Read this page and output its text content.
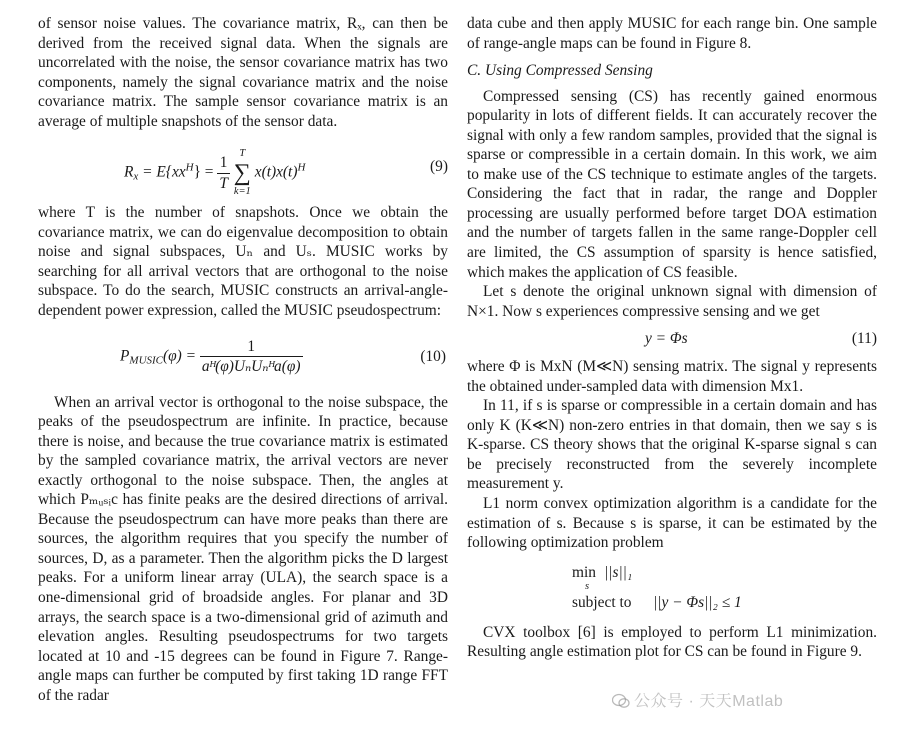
of sensor noise values. The covariance matrix, Rₓ, can then be derived from the received signal data. When the signals are uncorrelated with the noise, the sensor covariance matrix has two components, namely the signal covariance matrix and the noise covariance matrix. The sample sensor covariance matrix is an average of multiple snapshots of the sensor data.

$R_x = E\{xx^H\} = \frac{1}{T}$
T
∑
k=1
$x(t)x(t)^H$	(9)

where T is the number of snapshots. Once we obtain the covariance matrix, we can do eigenvalue decomposition to obtain noise and signal subspaces, Uₙ and Uₛ. MUSIC works by searching for all arrival vectors that are orthogonal to the noise subspace. To do the search, MUSIC constructs an arrival-angle-dependent power expression, called the MUSIC pseudospectrum:

$P_{MUSIC}(\varphi) = \frac{1}{\text{aᴴ(φ)UₙUₙᴴa(φ)}}$	(10)

When an arrival vector is orthogonal to the noise subspace, the peaks of the pseudospectrum are infinite. In practice, because there is noise, and because the true covariance matrix is estimated by the sampled covariance matrix, the arrival vectors are never exactly orthogonal to the noise subspace. Then, the angles at which Pₘᵤₛᵢc has finite peaks are the desired directions of arrival. Because the pseudospectrum can have more peaks than there are sources, the algorithm requires that you specify the number of sources, D, as a parameter. Then the algorithm picks the D largest peaks. For a uniform linear array (ULA), the search space is a one-dimensional grid of broadside angles. For planar and 3D arrays, the search space is a two-dimensional grid of azimuth and elevation angles. Resulting pseudospectrums for two targets located at 10 and -15 degrees can be found in Figure 7. Range-angle maps can further be computed by first taking 1D range FFT of the radar

data cube and then apply MUSIC for each range bin. One sample of range-angle maps can be found in Figure 8.

C. Using Compressed Sensing

Compressed sensing (CS) has recently gained enormous popularity in lots of different fields. It can accurately recover the signal with only a few random samples, provided that the signal is sparse or compressible in a certain domain. In this work, we aim to make use of the CS technique to estimate angles of the targets. Considering the fact that in radar, the range and Doppler processing are usually performed before target DOA estimation and the number of targets fallen in the same range-Doppler cell are limited, the CS assumption of sparsity is hence satisfied, which makes the application of CS feasible.

Let s denote the original unknown signal with dimension of N×1. Now s experiences compressive sensing and we get

y = Φs	(11)

where Φ is MxN (M≪N) sensing matrix. The signal y represents the obtained under-sampled data with dimension Mx1.

In 11, if s is sparse or compressible in a certain domain and has only K (K≪N) non-zero entries in that domain, then we say s is K-sparse. CS theory shows that the original K-sparse signal s can be precisely reconstructed from the severely incomplete measurement y.

L1 norm convex optimization algorithm is a candidate for the estimation of s. Because s is sparse, it can be estimated by the following optimization problem

min
s
||s||₁
subject to ||y − Φs||₂ ≤ 1

CVX toolbox [6] is employed to perform L1 minimization. Resulting angle estimation plot for CS can be found in Figure 9.

公众号 · 天天Matlab
